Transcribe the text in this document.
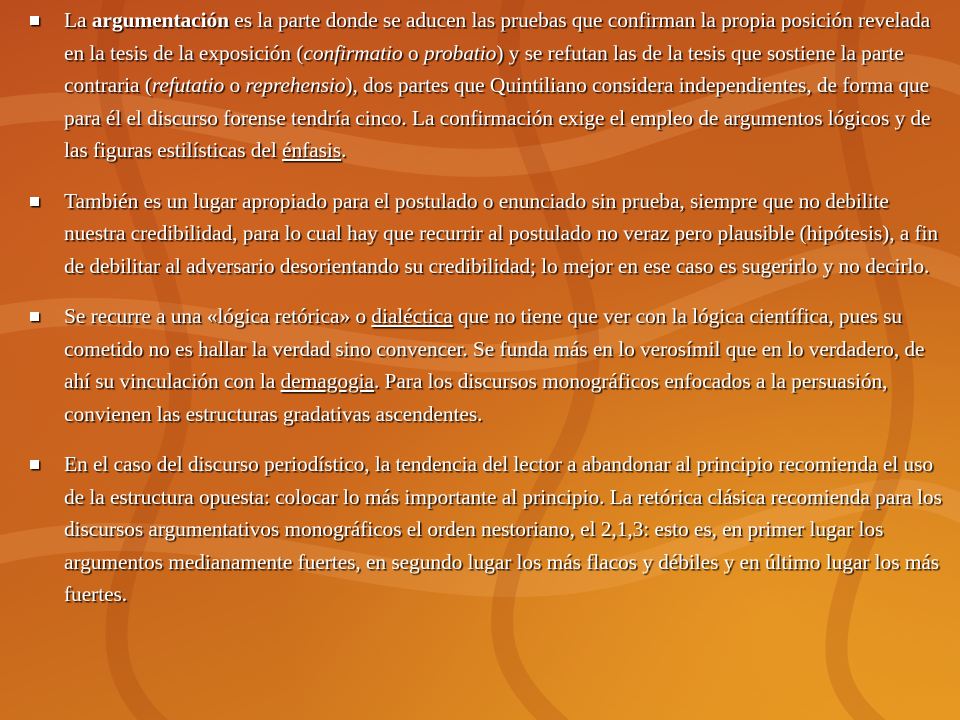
La argumentación es la parte donde se aducen las pruebas que confirman la propia posición revelada en la tesis de la exposición (confirmatio o probatio) y se refutan las de la tesis que sostiene la parte contraria (refutatio o reprehensio), dos partes que Quintiliano considera independientes, de forma que para él el discurso forense tendría cinco. La confirmación exige el empleo de argumentos lógicos y de las figuras estilísticas del énfasis.
También es un lugar apropiado para el postulado o enunciado sin prueba, siempre que no debilite nuestra credibilidad, para lo cual hay que recurrir al postulado no veraz pero plausible (hipótesis), a fin de debilitar al adversario desorientando su credibilidad; lo mejor en ese caso es sugerirlo y no decirlo.
Se recurre a una «lógica retórica» o dialéctica que no tiene que ver con la lógica científica, pues su cometido no es hallar la verdad sino convencer. Se funda más en lo verosímil que en lo verdadero, de ahí su vinculación con la demagogia. Para los discursos monográficos enfocados a la persuasión, convienen las estructuras gradativas ascendentes.
En el caso del discurso periodístico, la tendencia del lector a abandonar al principio recomienda el uso de la estructura opuesta: colocar lo más importante al principio. La retórica clásica recomienda para los discursos argumentativos monográficos el orden nestoriano, el 2,1,3: esto es, en primer lugar los argumentos medianamente fuertes, en segundo lugar los más flacos y débiles y en último lugar los más fuertes.
